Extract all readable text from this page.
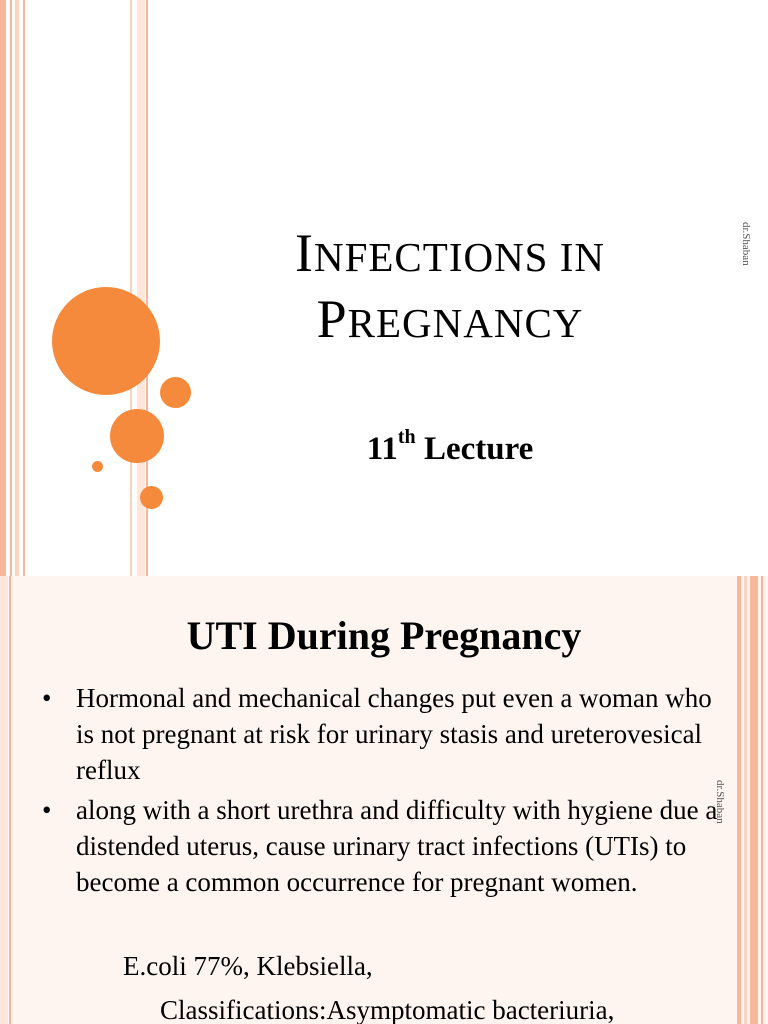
INFECTIONS IN
PREGNANCY
11th Lecture
dr.Shaban
UTI During Pregnancy
• Hormonal and mechanical changes put even a woman who is not pregnant at risk for urinary stasis and ureterovesical reflux
• along with a short urethra and difficulty with hygiene due a distended uterus, cause urinary tract infections (UTIs) to become a common occurrence for pregnant women.
E.coli 77%, Klebsiella,
Classifications:Asymptomatic bacteriuria,
dr.Shaban
